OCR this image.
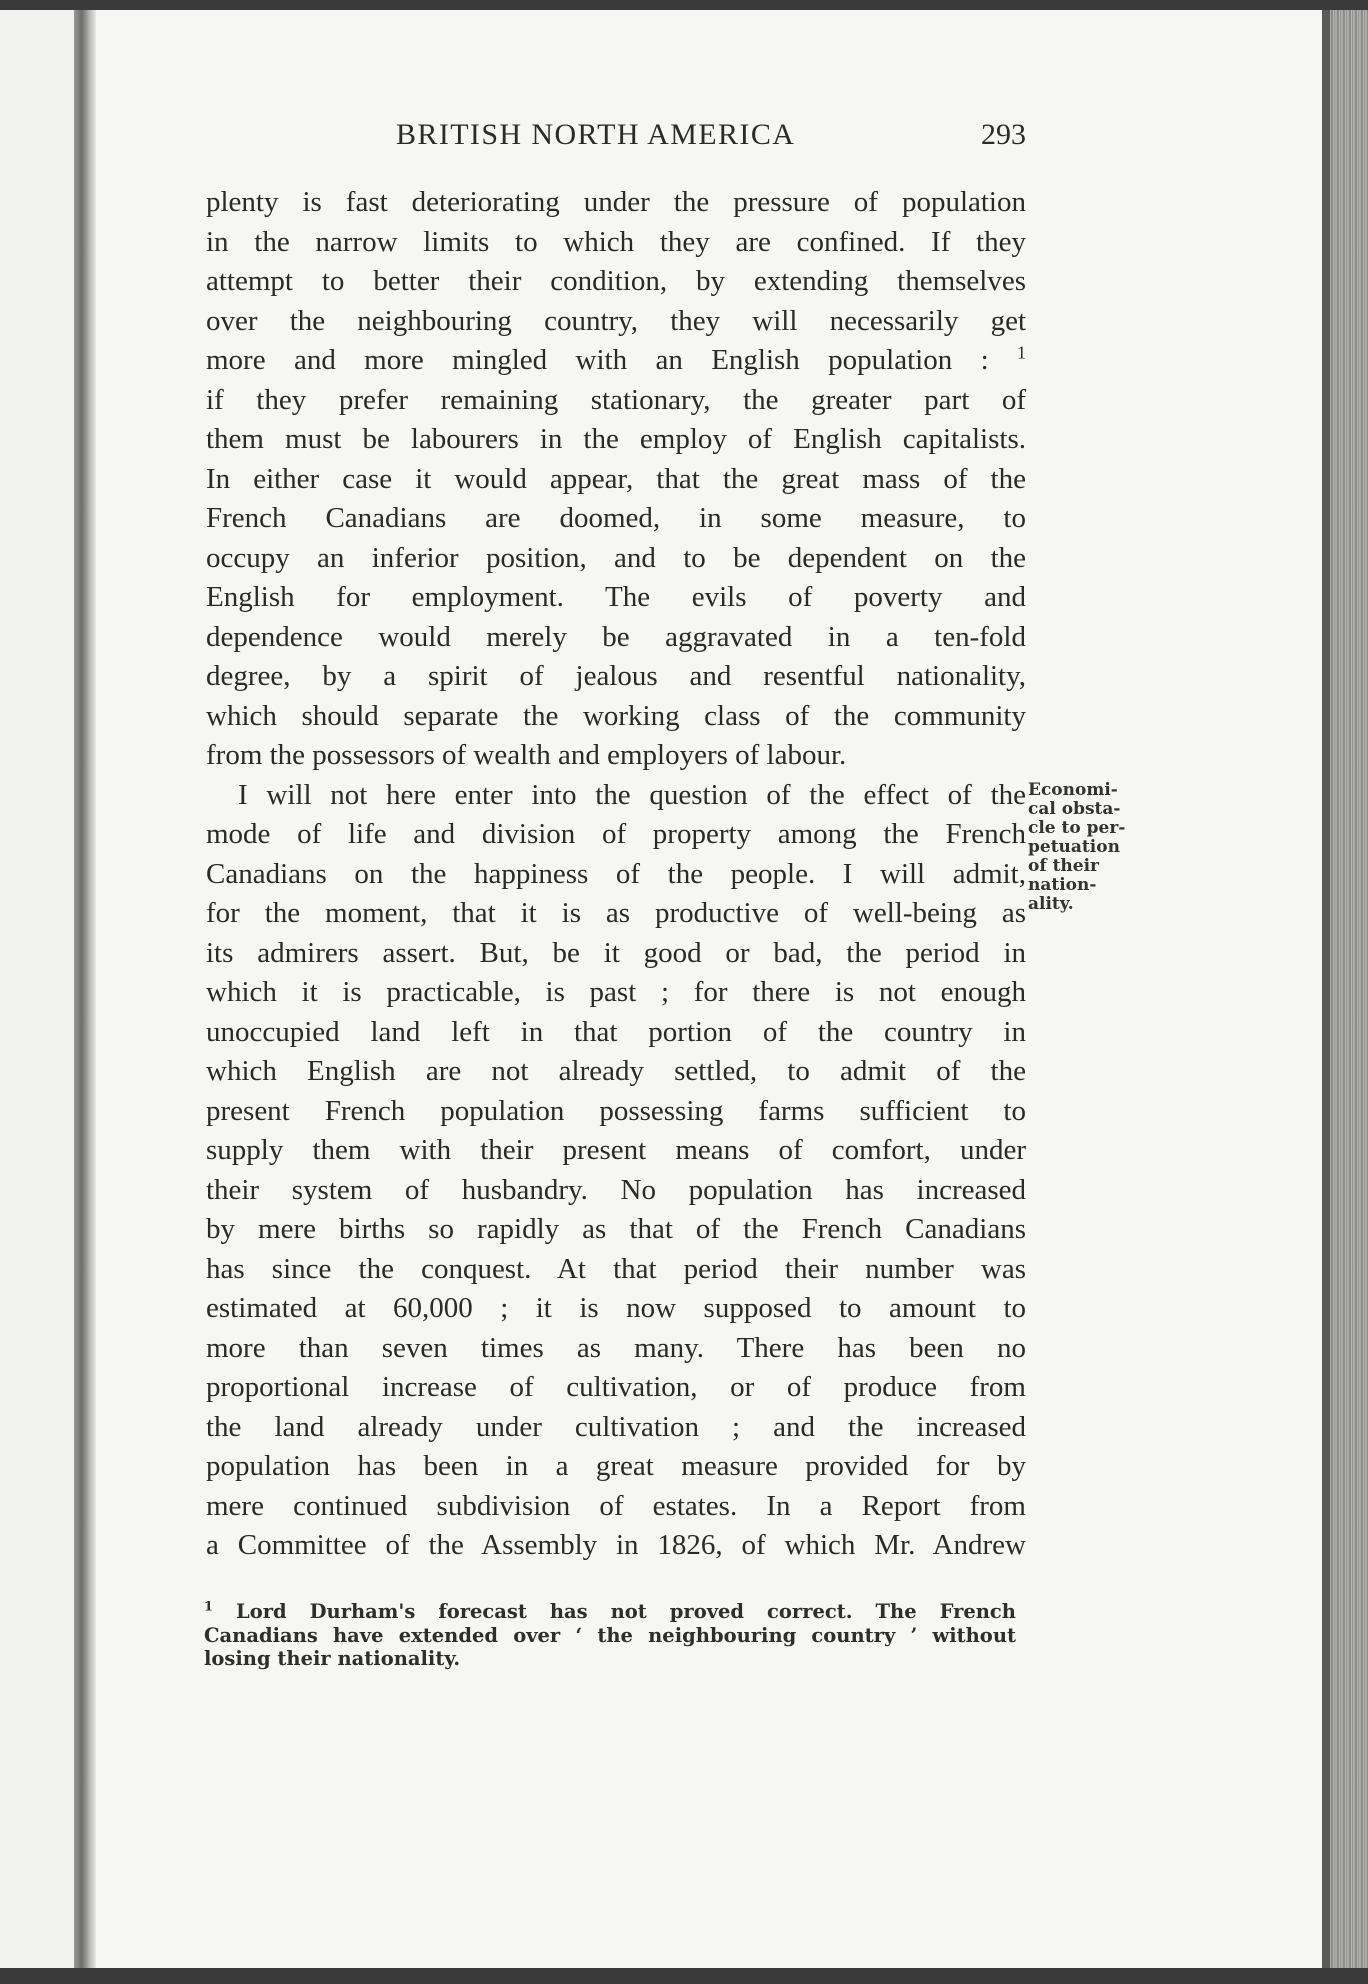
BRITISH NORTH AMERICA	293
plenty is fast deteriorating under the pressure of population
in the narrow limits to which they are confined. If they
attempt to better their condition, by extending themselves
over the neighbouring country, they will necessarily get
more and more mingled with an English population : $^1$
if they prefer remaining stationary, the greater part of
them must be labourers in the employ of English capitalists.
In either case it would appear, that the great mass of the
French Canadians are doomed, in some measure, to
occupy an inferior position, and to be dependent on the
English for employment. The evils of poverty and
dependence would merely be aggravated in a ten-fold
degree, by a spirit of jealous and resentful nationality,
which should separate the working class of the community
from the possessors of wealth and employers of labour.
I will not here enter into the question of the effect of the
mode of life and division of property among the French
Canadians on the happiness of the people. I will admit,
for the moment, that it is as productive of well-being as
its admirers assert. But, be it good or bad, the period in
which it is practicable, is past ; for there is not enough
unoccupied land left in that portion of the country in
which English are not already settled, to admit of the
present French population possessing farms sufficient to
supply them with their present means of comfort, under
their system of husbandry. No population has increased
by mere births so rapidly as that of the French Canadians
has since the conquest. At that period their number was
estimated at 60,000 ; it is now supposed to amount to
more than seven times as many. There has been no
proportional increase of cultivation, or of produce from
the land already under cultivation ; and the increased
population has been in a great measure provided for by
mere continued subdivision of estates. In a Report from
a Committee of the Assembly in 1826, of which Mr. Andrew
Economi-
cal obsta-
cle to per-
petuation
of their
nation-
ality.
$^1$ Lord Durham's forecast has not proved correct. The French
Canadians have extended over ‘ the neighbouring country ’ without
losing their nationality.
